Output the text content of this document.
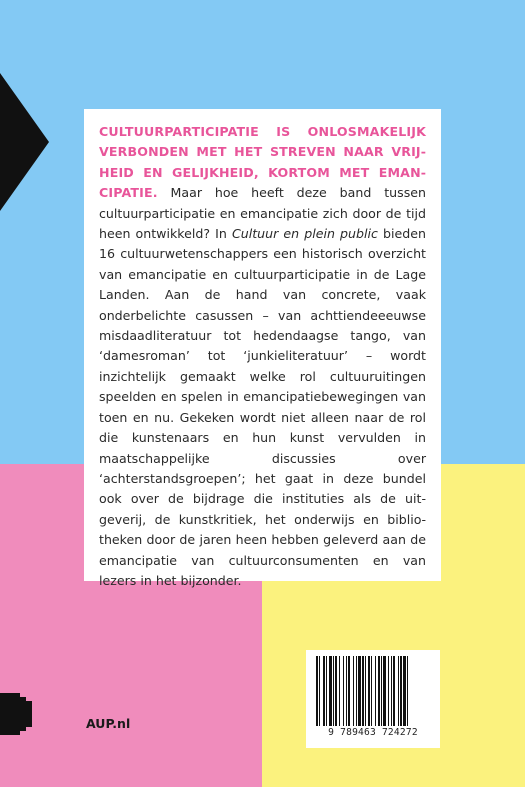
CULTUURPARTICIPATIE IS ONLOSMAKELIJK VERBONDEN MET HET STREVEN NAAR VRIJHEID EN GELIJKHEID, KORTOM MET EMANCIPATIE. Maar hoe heeft deze band tussen cultuurparticipatie en emancipatie zich door de tijd heen ontwikkeld? In Cultuur en plein public bieden 16 cultuurwetenschappers een historisch overzicht van emancipatie en cultuurparticipatie in de Lage Landen. Aan de hand van concrete, vaak onderbelichte casussen – van achttiendeeeuwse misdaadliteratuur tot hedendaagse tango, van ‘damesroman’ tot ‘junkieliteratuur’ – wordt inzichtelijk gemaakt welke rol cultuuruitingen speelden en spelen in emancipatiebewegingen van toen en nu. Gekeken wordt niet alleen naar de rol die kunstenaars en hun kunst vervulden in maatschappelijke discussies over ‘achterstandsgroepen’; het gaat in deze bundel ook over de bijdrage die instituties als de uitgeverij, de kunstkritiek, het onderwijs en bibliotheken door de jaren heen hebben geleverd aan de emancipatie van cultuurconsumenten en van lezers in het bijzonder.

AUP.nl
9 789463 724272
